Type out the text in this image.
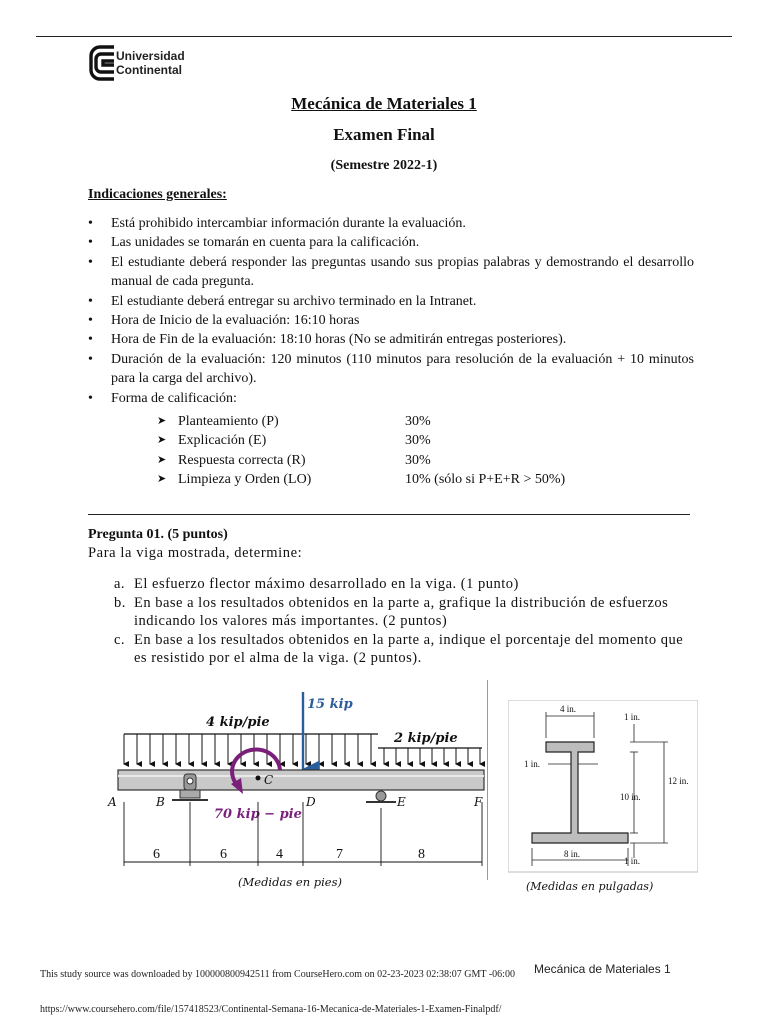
Universidad
Continental
Mecánica de Materiales 1
Examen Final
(Semestre 2022-1)
Indicaciones generales:
• Está prohibido intercambiar información durante la evaluación.
• Las unidades se tomarán en cuenta para la calificación.
• El estudiante deberá responder las preguntas usando sus propias palabras y demostrando el desarrollo manual de cada pregunta.
• El estudiante deberá entregar su archivo terminado en la Intranet.
• Hora de Inicio de la evaluación: 16:10 horas
• Hora de Fin de la evaluación: 18:10 horas (No se admitirán entregas posteriores).
• Duración de la evaluación: 120 minutos (110 minutos para resolución de la evaluación + 10 minutos para la carga del archivo).
• Forma de calificación:
➤ Planteamiento (P)	30%
➤ Explicación (E)	30%
➤ Respuesta correcta (R)	30%
➤ Limpieza y Orden (LO)	10% (sólo si P+E+R > 50%)
Pregunta 01. (5 puntos)
Para la viga mostrada, determine:
a. El esfuerzo flector máximo desarrollado en la viga. (1 punto)
b. En base a los resultados obtenidos en la parte a, grafique la distribución de esfuerzos indicando los valores más importantes. (2 puntos)
c. En base a los resultados obtenidos en la parte a, indique el porcentaje del momento que es resistido por el alma de la viga. (2 puntos).
4 kip/pie
2 kip/pie
15 kip
70 kip − pie
C
A	B	D	E	F
6	6	4	7	8
(Medidas en pies)
4 in.
1 in.
1 in.
12 in.
10 in.
8 in.
1 in.
(Medidas en pulgadas)
This study source was downloaded by 100000800942511 from CourseHero.com on 02-23-2023 02:38:07 GMT -06:00 Mecánica de Materiales 1
https://www.coursehero.com/file/157418523/Continental-Semana-16-Mecanica-de-Materiales-1-Examen-Finalpdf/
